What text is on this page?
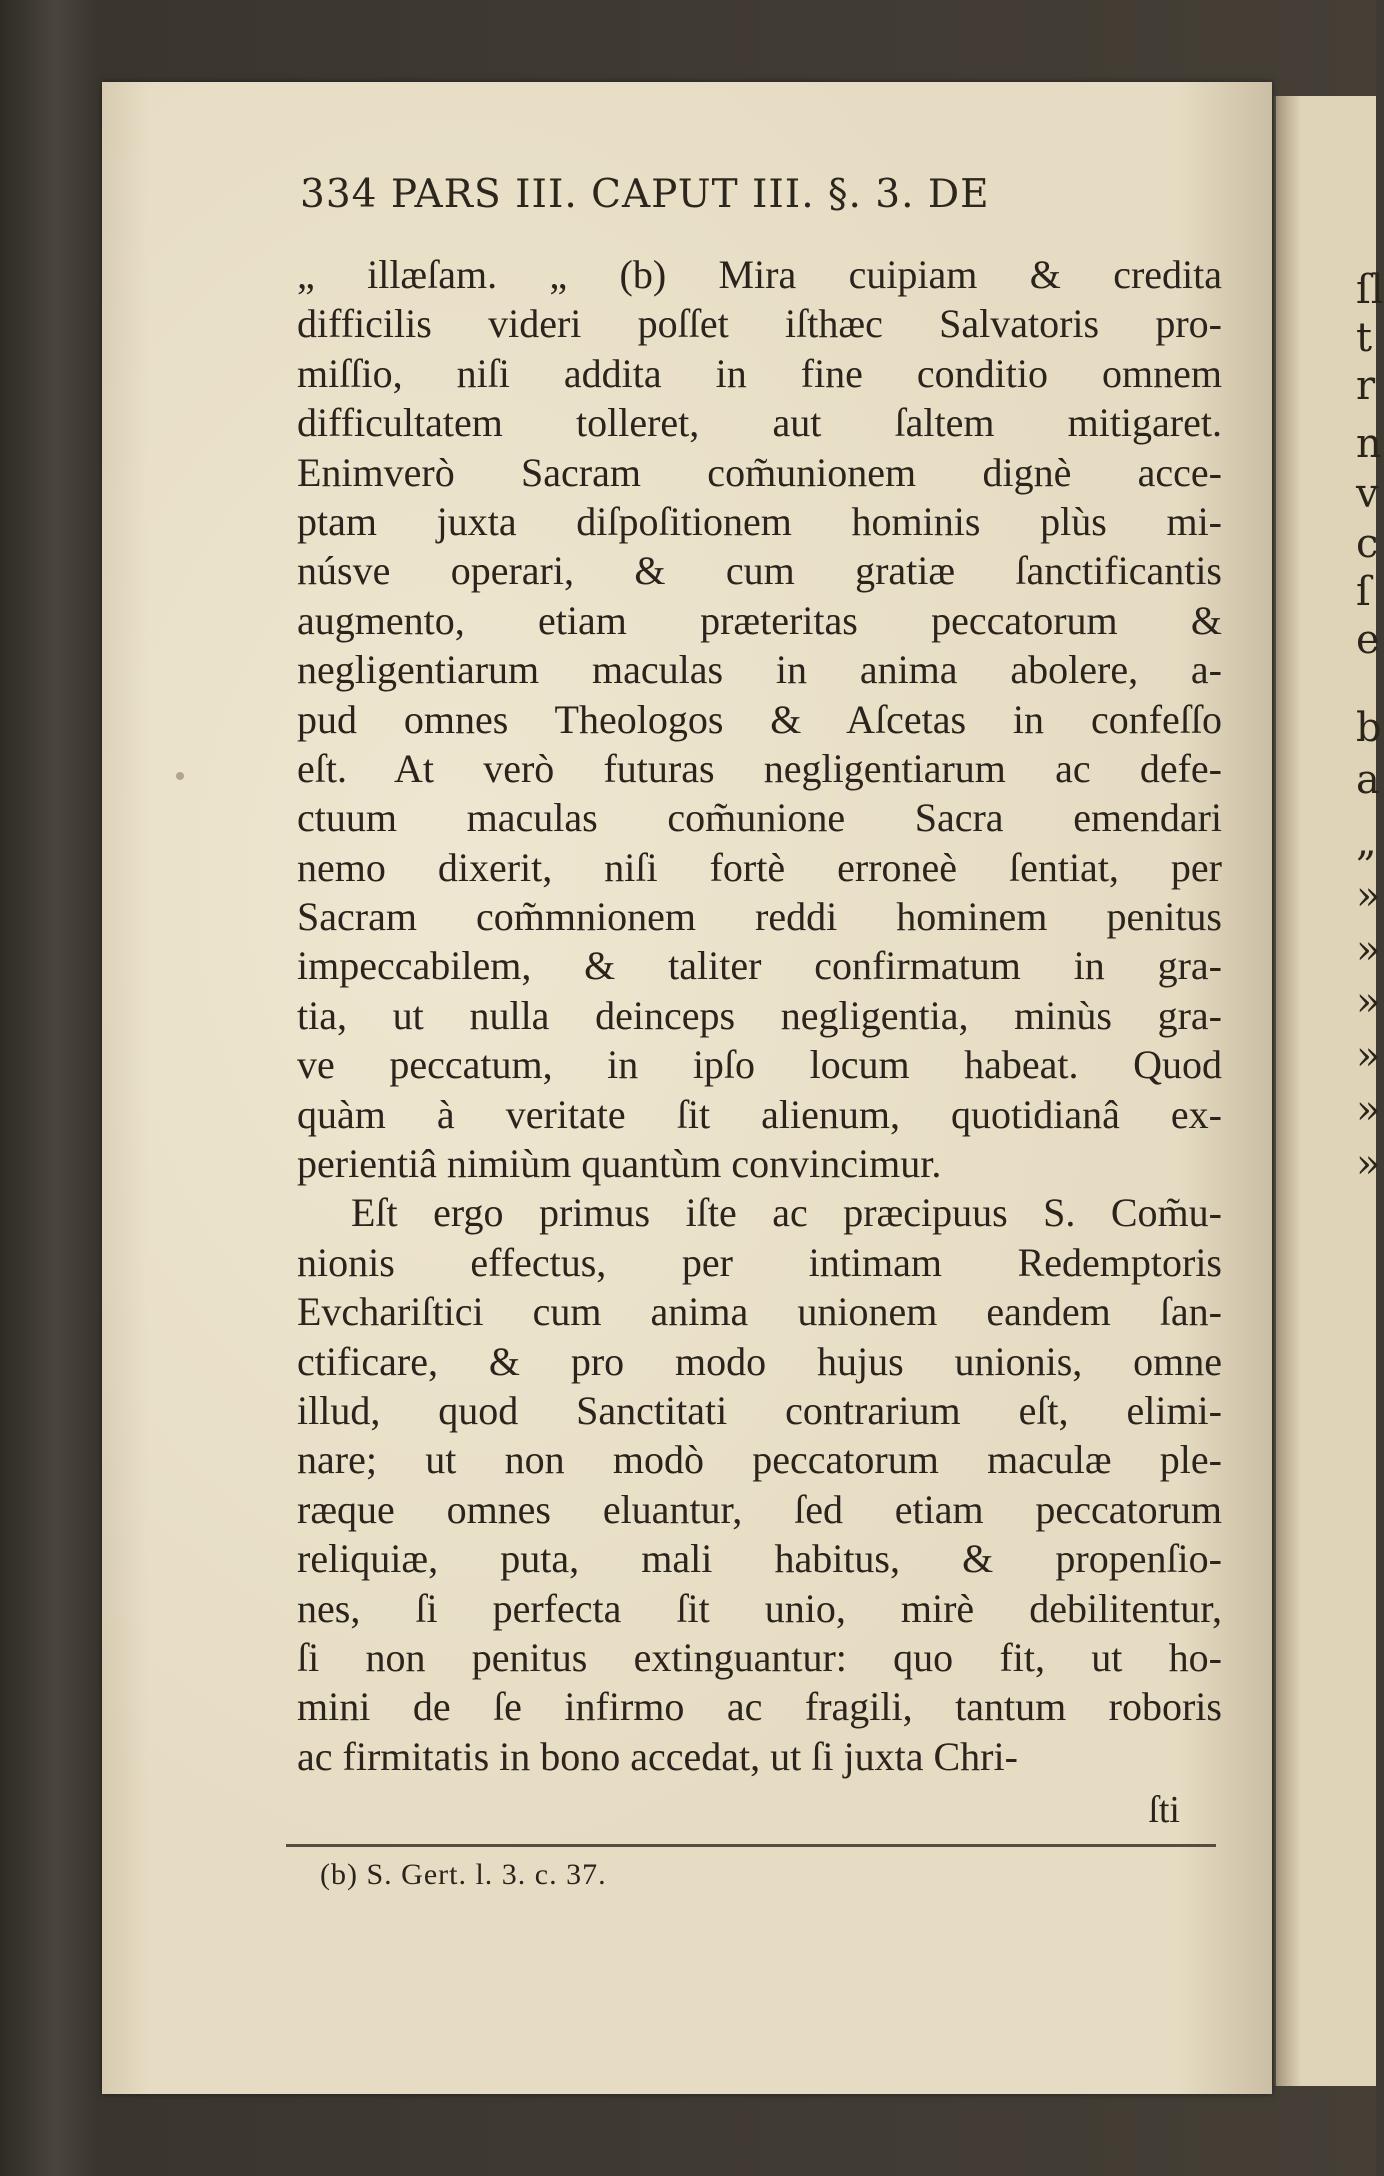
ſl
t
r
n
v
c
ſ
e
b
a
„
»
»
»
»
»
»
334 PARS III. CAPUT III. §. 3. DE
„ illæſam. „ (b) Mira cuipiam & credita
difficilis videri poſſet iſthæc Salvatoris pro-
miſſio, niſi addita in fine conditio omnem
difficultatem tolleret, aut ſaltem mitigaret.
Enimverò Sacram com̃unionem dignè acce-
ptam juxta diſpoſitionem hominis plùs mi-
núsve operari, & cum gratiæ ſanctificantis
augmento, etiam præteritas peccatorum &
negligentiarum maculas in anima abolere, a-
pud omnes Theologos & Aſcetas in confeſſo
eſt. At verò futuras negligentiarum ac defe-
ctuum maculas com̃unione Sacra emendari
nemo dixerit, niſi fortè erroneè ſentiat, per
Sacram com̃mnionem reddi hominem penitus
impeccabilem, & taliter confirmatum in gra-
tia, ut nulla deinceps negligentia, minùs gra-
ve peccatum, in ipſo locum habeat. Quod
quàm à veritate ſit alienum, quotidianâ ex-
perientiâ nimiùm quantùm convincimur.
Eſt ergo primus iſte ac præcipuus S. Com̃u-
nionis effectus, per intimam Redemptoris
Evchariſtici cum anima unionem eandem ſan-
ctificare, & pro modo hujus unionis, omne
illud, quod Sanctitati contrarium eſt, elimi-
nare; ut non modò peccatorum maculæ ple-
ræque omnes eluantur, ſed etiam peccatorum
reliquiæ, puta, mali habitus, & propenſio-
nes, ſi perfecta ſit unio, mirè debilitentur,
ſi non penitus extinguantur: quo fit, ut ho-
mini de ſe infirmo ac fragili, tantum roboris
ac firmitatis in bono accedat, ut ſi juxta Chri-
ſti
(b) S. Gert. l. 3. c. 37.
